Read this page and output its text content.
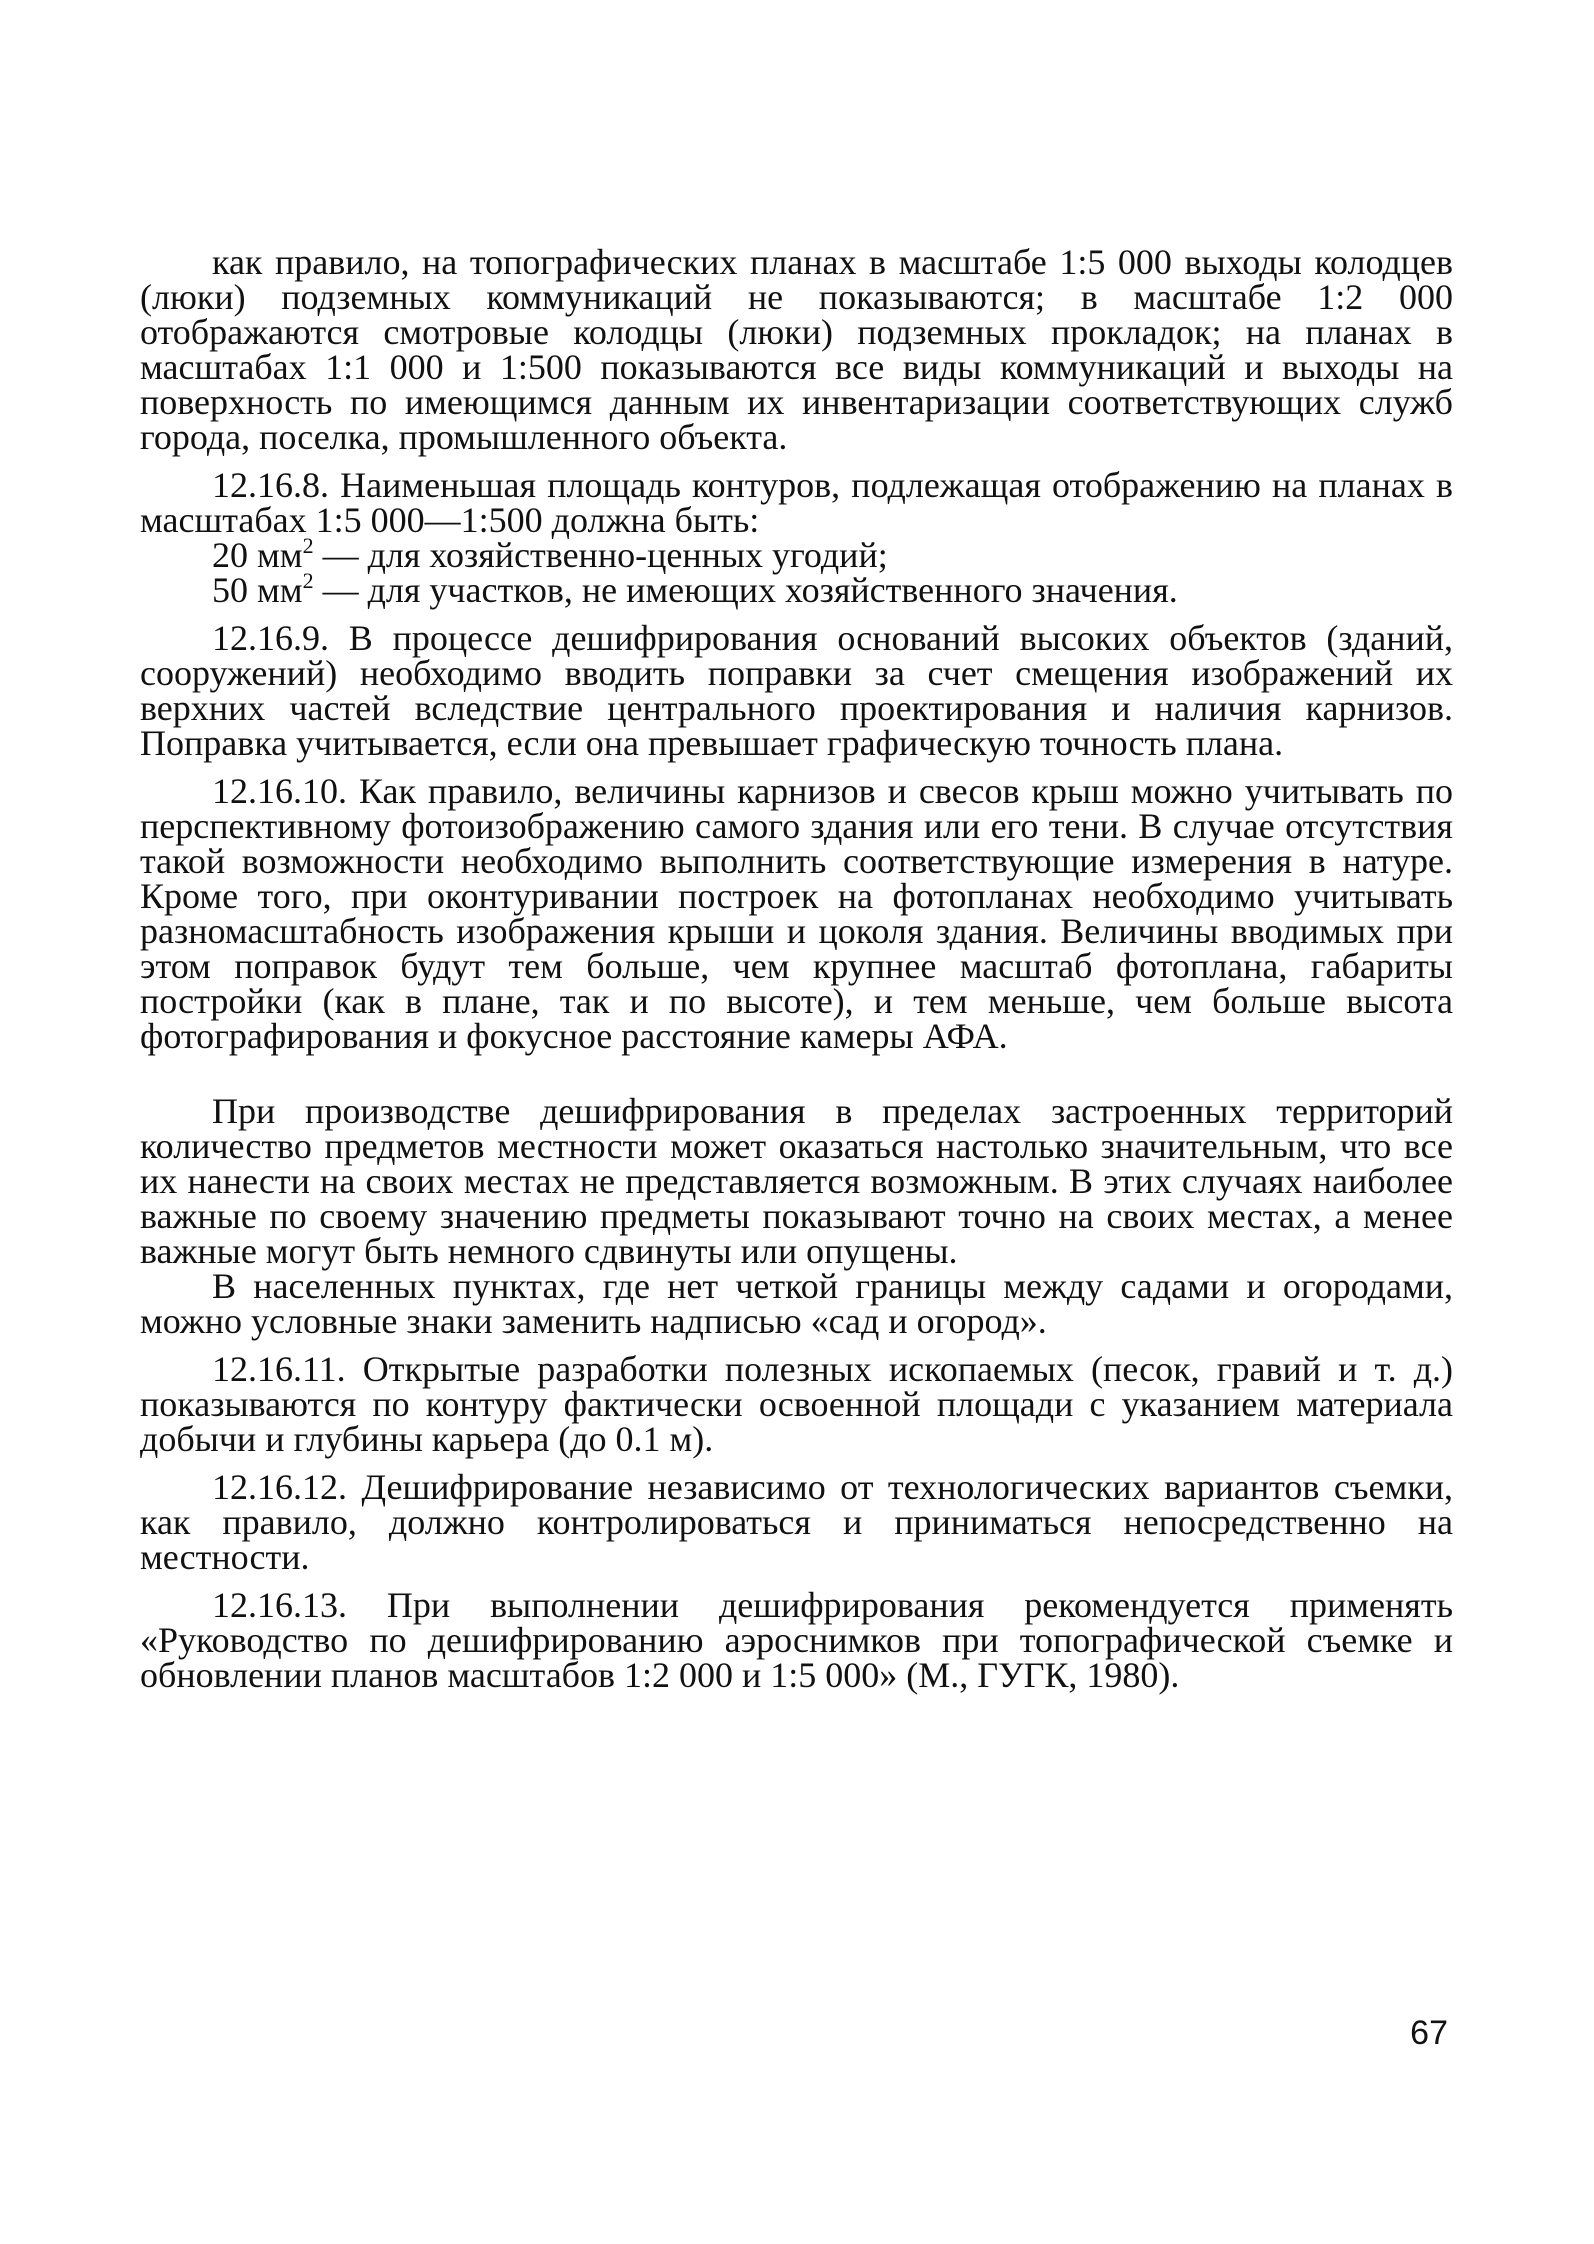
как правило, на топографических планах в масштабе 1:5 000 выходы колодцев (люки) подземных коммуникаций не показываются; в масштабе 1:2 000 отображаются смотровые колодцы (люки) подземных прокладок; на планах в масштабах 1:1 000 и 1:500 показываются все виды коммуникаций и выходы на поверхность по имеющимся данным их инвентаризации соответствующих служб города, поселка, промышленного объекта.

12.16.8. Наименьшая площадь контуров, подлежащая отображению на планах в масштабах 1:5 000—1:500 должна быть:

20 $мм^2$ — для хозяйственно-ценных угодий;

50 $мм^2$ — для участков, не имеющих хозяйственного значения.

12.16.9. В процессе дешифрирования оснований высоких объектов (зданий, сооружений) необходимо вводить поправки за счет смещения изображений их верхних частей вследствие центрального проектирования и наличия карнизов. Поправка учитывается, если она превышает графическую точность плана.

12.16.10. Как правило, величины карнизов и свесов крыш можно учитывать по перспективному фотоизображению самого здания или его тени. В случае отсутствия такой возможности необходимо выполнить соответствующие измерения в натуре. Кроме того, при оконтуривании построек на фотопланах необходимо учитывать разномасштабность изображения крыши и цоколя здания. Величины вводимых при этом поправок будут тем больше, чем крупнее масштаб фотоплана, габариты постройки (как в плане, так и по высоте), и тем меньше, чем больше высота фотографирования и фокусное расстояние камеры АФА.

При производстве дешифрирования в пределах застроенных территорий количество предметов местности может оказаться настолько значительным, что все их нанести на своих местах не представляется возможным. В этих случаях наиболее важные по своему значению предметы показывают точно на своих местах, а менее важные могут быть немного сдвинуты или опущены.

В населенных пунктах, где нет четкой границы между садами и огородами, можно условные знаки заменить надписью «сад и огород».

12.16.11. Открытые разработки полезных ископаемых (песок, гравий и т. д.) показываются по контуру фактически освоенной площади с указанием материала добычи и глубины карьера (до 0.1 м).

12.16.12. Дешифрирование независимо от технологических вариантов съемки, как правило, должно контролироваться и приниматься непосредственно на местности.

12.16.13. При выполнении дешифрирования рекомендуется применять «Руководство по дешифрированию аэроснимков при топографической съемке и обновлении планов масштабов 1:2 000 и 1:5 000» (М., ГУГК, 1980).

67
